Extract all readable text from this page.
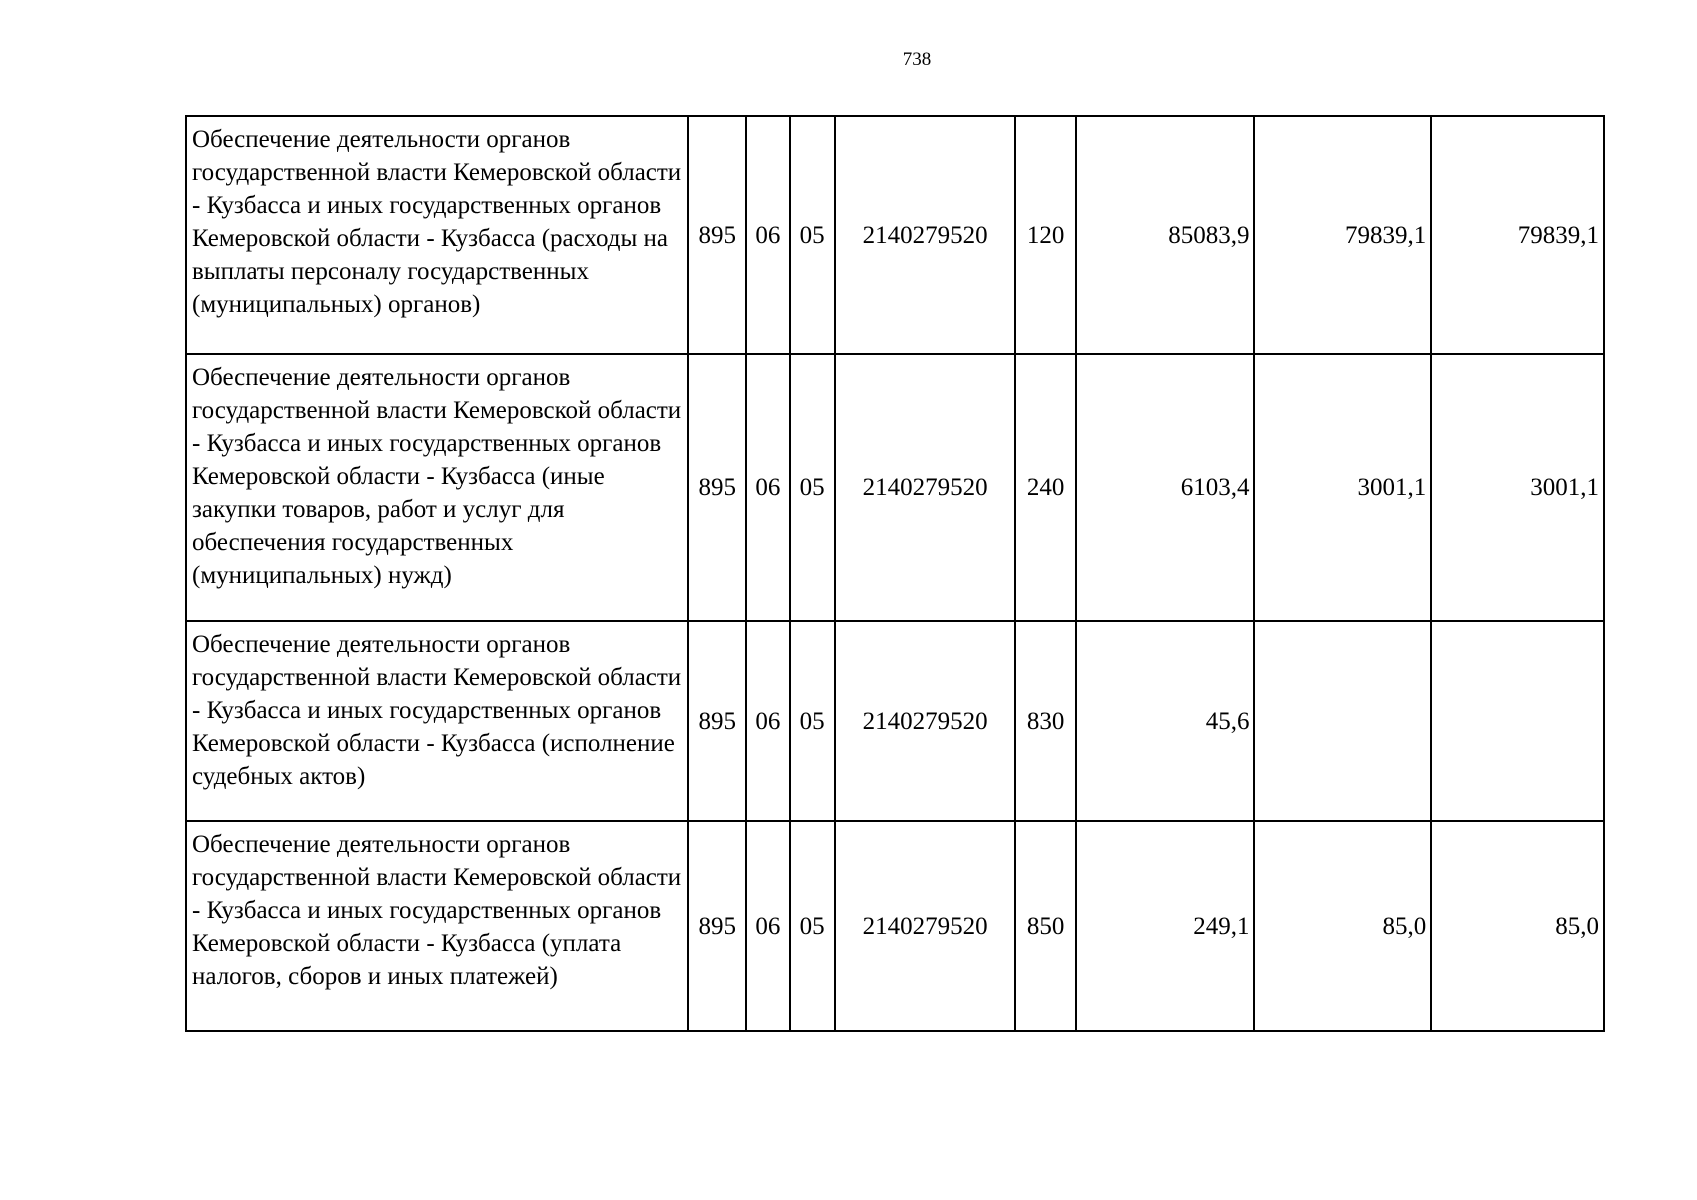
738
Обеспечение деятельности органов государственной власти Кемеровской области - Кузбасса и иных государственных органов Кемеровской области - Кузбасса (расходы на выплаты персоналу государственных (муниципальных) органов)	895	06	05	2140279520	120	85083,9	79839,1	79839,1
Обеспечение деятельности органов государственной власти Кемеровской области - Кузбасса и иных государственных органов Кемеровской области - Кузбасса (иные закупки товаров, работ и услуг для обеспечения государственных (муниципальных) нужд)	895	06	05	2140279520	240	6103,4	3001,1	3001,1
Обеспечение деятельности органов государственной власти Кемеровской области - Кузбасса и иных государственных органов Кемеровской области - Кузбасса (исполнение судебных актов)	895	06	05	2140279520	830	45,6		
Обеспечение деятельности органов государственной власти Кемеровской области - Кузбасса и иных государственных органов Кемеровской области - Кузбасса (уплата налогов, сборов и иных платежей)	895	06	05	2140279520	850	249,1	85,0	85,0
